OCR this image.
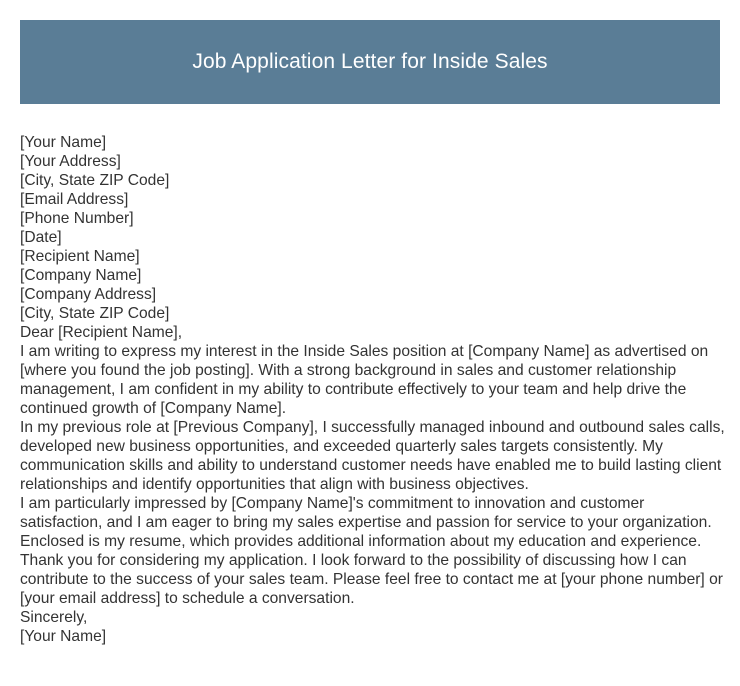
Job Application Letter for Inside Sales
[Your Name]
[Your Address]
[City, State ZIP Code]
[Email Address]
[Phone Number]
[Date]
[Recipient Name]
[Company Name]
[Company Address]
[City, State ZIP Code]
Dear [Recipient Name],
I am writing to express my interest in the Inside Sales position at [Company Name] as advertised on [where you found the job posting]. With a strong background in sales and customer relationship management, I am confident in my ability to contribute effectively to your team and help drive the continued growth of [Company Name].
In my previous role at [Previous Company], I successfully managed inbound and outbound sales calls, developed new business opportunities, and exceeded quarterly sales targets consistently. My communication skills and ability to understand customer needs have enabled me to build lasting client relationships and identify opportunities that align with business objectives.
I am particularly impressed by [Company Name]'s commitment to innovation and customer satisfaction, and I am eager to bring my sales expertise and passion for service to your organization. Enclosed is my resume, which provides additional information about my education and experience.
Thank you for considering my application. I look forward to the possibility of discussing how I can contribute to the success of your sales team. Please feel free to contact me at [your phone number] or [your email address] to schedule a conversation.
Sincerely,
[Your Name]
